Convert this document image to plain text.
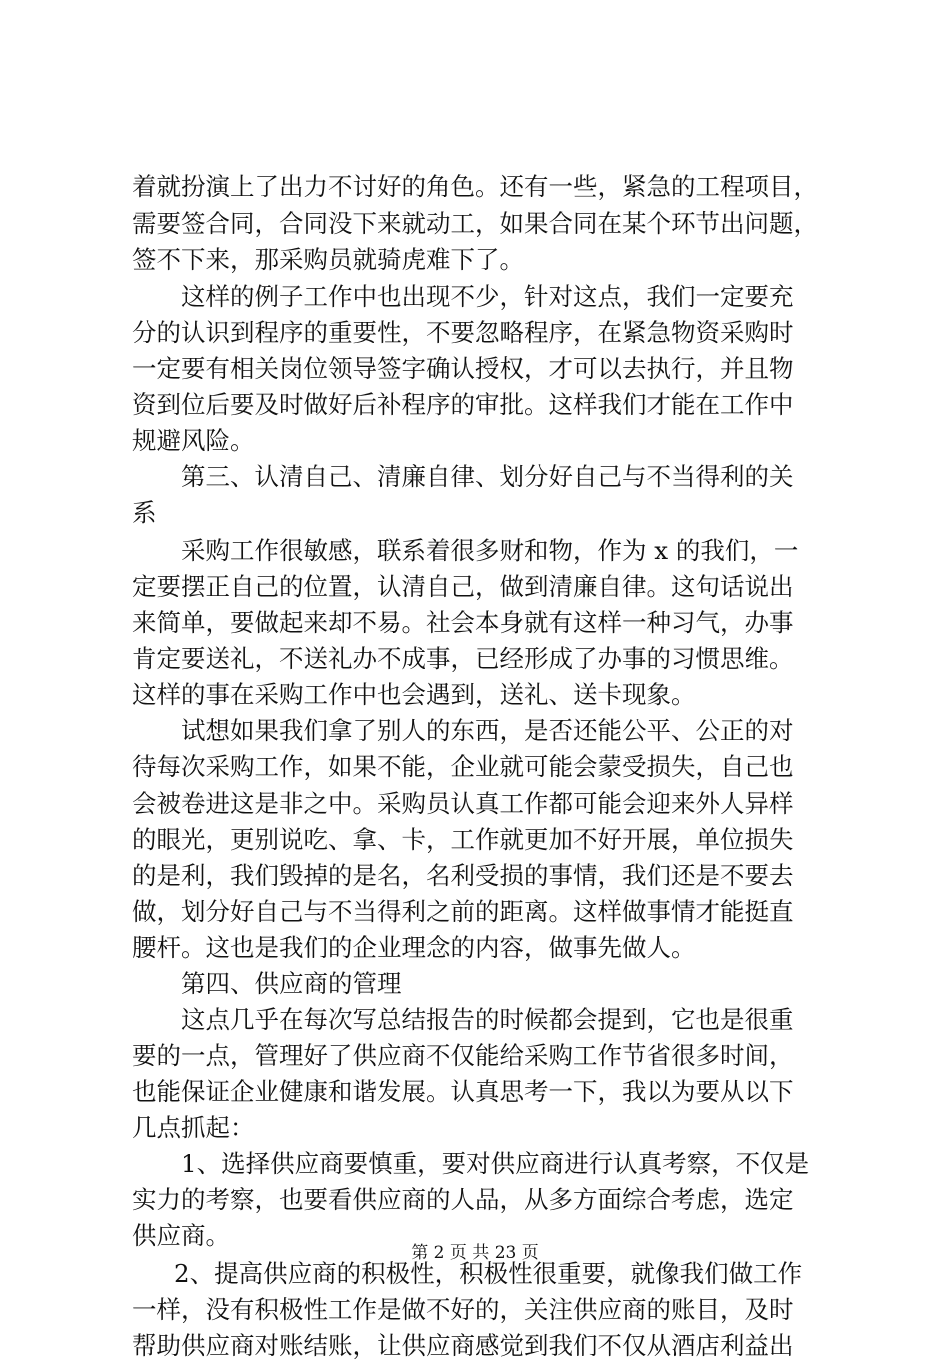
着就扮演上了出力不讨好的角色。还有一些，紧急的工程项目，
需要签合同，合同没下来就动工，如果合同在某个环节出问题，
签不下来，那采购员就骑虎难下了。
这样的例子工作中也出现不少，针对这点，我们一定要充
分的认识到程序的重要性，不要忽略程序，在紧急物资采购时
一定要有相关岗位领导签字确认授权，才可以去执行，并且物
资到位后要及时做好后补程序的审批。这样我们才能在工作中
规避风险。
第三、认清自己、清廉自律、划分好自己与不当得利的关
系
采购工作很敏感，联系着很多财和物，作为 x 的我们，一
定要摆正自己的位置，认清自己，做到清廉自律。这句话说出
来简单，要做起来却不易。社会本身就有这样一种习气，办事
肯定要送礼，不送礼办不成事，已经形成了办事的习惯思维。
这样的事在采购工作中也会遇到，送礼、送卡现象。
试想如果我们拿了别人的东西，是否还能公平、公正的对
待每次采购工作，如果不能，企业就可能会蒙受损失，自己也
会被卷进这是非之中。采购员认真工作都可能会迎来外人异样
的眼光，更别说吃、拿、卡，工作就更加不好开展，单位损失
的是利，我们毁掉的是名，名利受损的事情，我们还是不要去
做，划分好自己与不当得利之前的距离。这样做事情才能挺直
腰杆。这也是我们的企业理念的内容，做事先做人。
第四、供应商的管理
这点几乎在每次写总结报告的时候都会提到，它也是很重
要的一点，管理好了供应商不仅能给采购工作节省很多时间，
也能保证企业健康和谐发展。认真思考一下，我以为要从以下
几点抓起：
1、选择供应商要慎重，要对供应商进行认真考察，不仅是
实力的考察，也要看供应商的人品，从多方面综合考虑，选定
供应商。
2、提高供应商的积极性，积极性很重要，就像我们做工作
一样，没有积极性工作是做不好的，关注供应商的账目，及时
帮助供应商对账结账，让供应商感觉到我们不仅从酒店利益出
第 2 页 共 23 页
